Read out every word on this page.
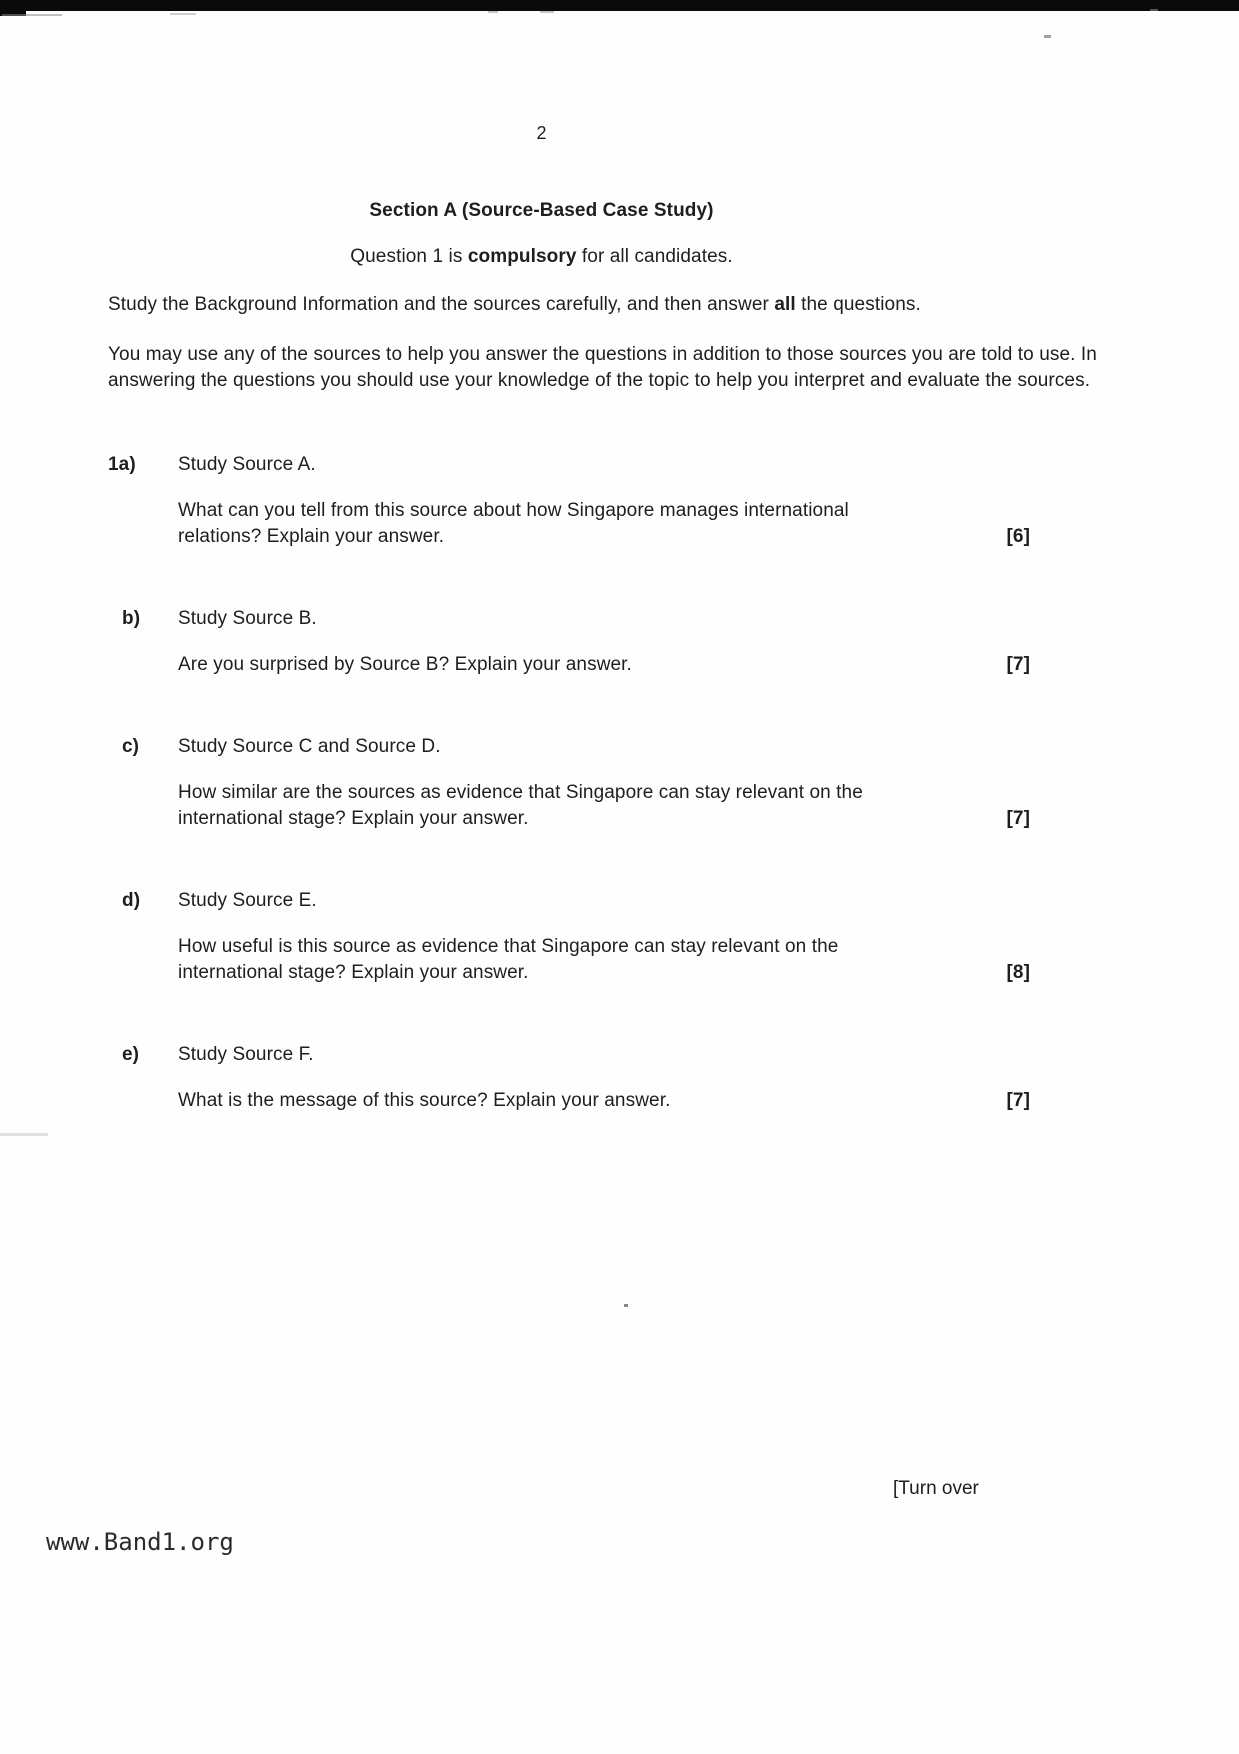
2
Section A (Source-Based Case Study)
Question 1 is compulsory for all candidates.

Study the Background Information and the sources carefully, and then answer all the questions.

You may use any of the sources to help you answer the questions in addition to those sources you are told to use. In answering the questions you should use your knowledge of the topic to help you interpret and evaluate the sources.

1a)	Study Source A.
What can you tell from this source about how Singapore manages international relations? Explain your answer.	[6]
b)	Study Source B.
Are you surprised by Source B? Explain your answer.	[7]
c)	Study Source C and Source D.
How similar are the sources as evidence that Singapore can stay relevant on the international stage? Explain your answer.	[7]
d)	Study Source E.
How useful is this source as evidence that Singapore can stay relevant on the international stage? Explain your answer.	[8]
e)	Study Source F.
What is the message of this source? Explain your answer.	[7]
[Turn over
www.Band1.org
